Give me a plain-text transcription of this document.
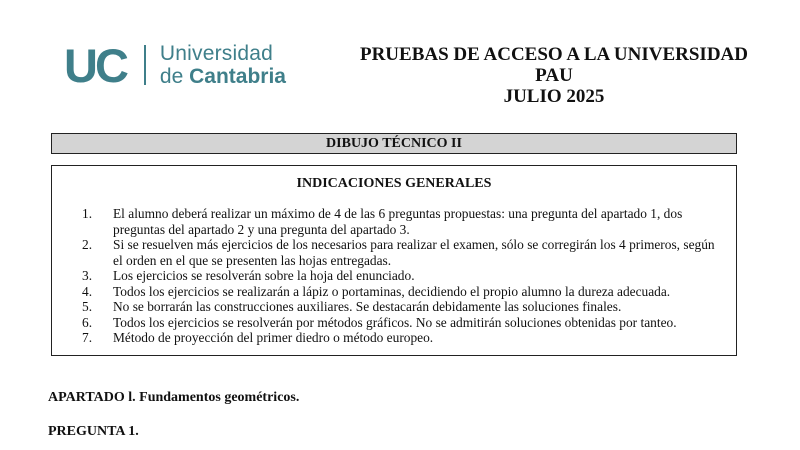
UC Universidad
de Cantabria
PRUEBAS DE ACCESO A LA UNIVERSIDAD
PAU
JULIO 2025
DIBUJO TÉCNICO II
INDICACIONES GENERALES
1.	El alumno deberá realizar un máximo de 4 de las 6 preguntas propuestas: una pregunta del apartado 1, dos preguntas del apartado 2 y una pregunta del apartado 3.
2.	Si se resuelven más ejercicios de los necesarios para realizar el examen, sólo se corregirán los 4 primeros, según el orden en el que se presenten las hojas entregadas.
3.	Los ejercicios se resolverán sobre la hoja del enunciado.
4.	Todos los ejercicios se realizarán a lápiz o portaminas, decidiendo el propio alumno la dureza adecuada.
5.	No se borrarán las construcciones auxiliares. Se destacarán debidamente las soluciones finales.
6.	Todos los ejercicios se resolverán por métodos gráficos. No se admitirán soluciones obtenidas por tanteo.
7.	Método de proyección del primer diedro o método europeo.
APARTADO l. Fundamentos geométricos.
PREGUNTA 1.
